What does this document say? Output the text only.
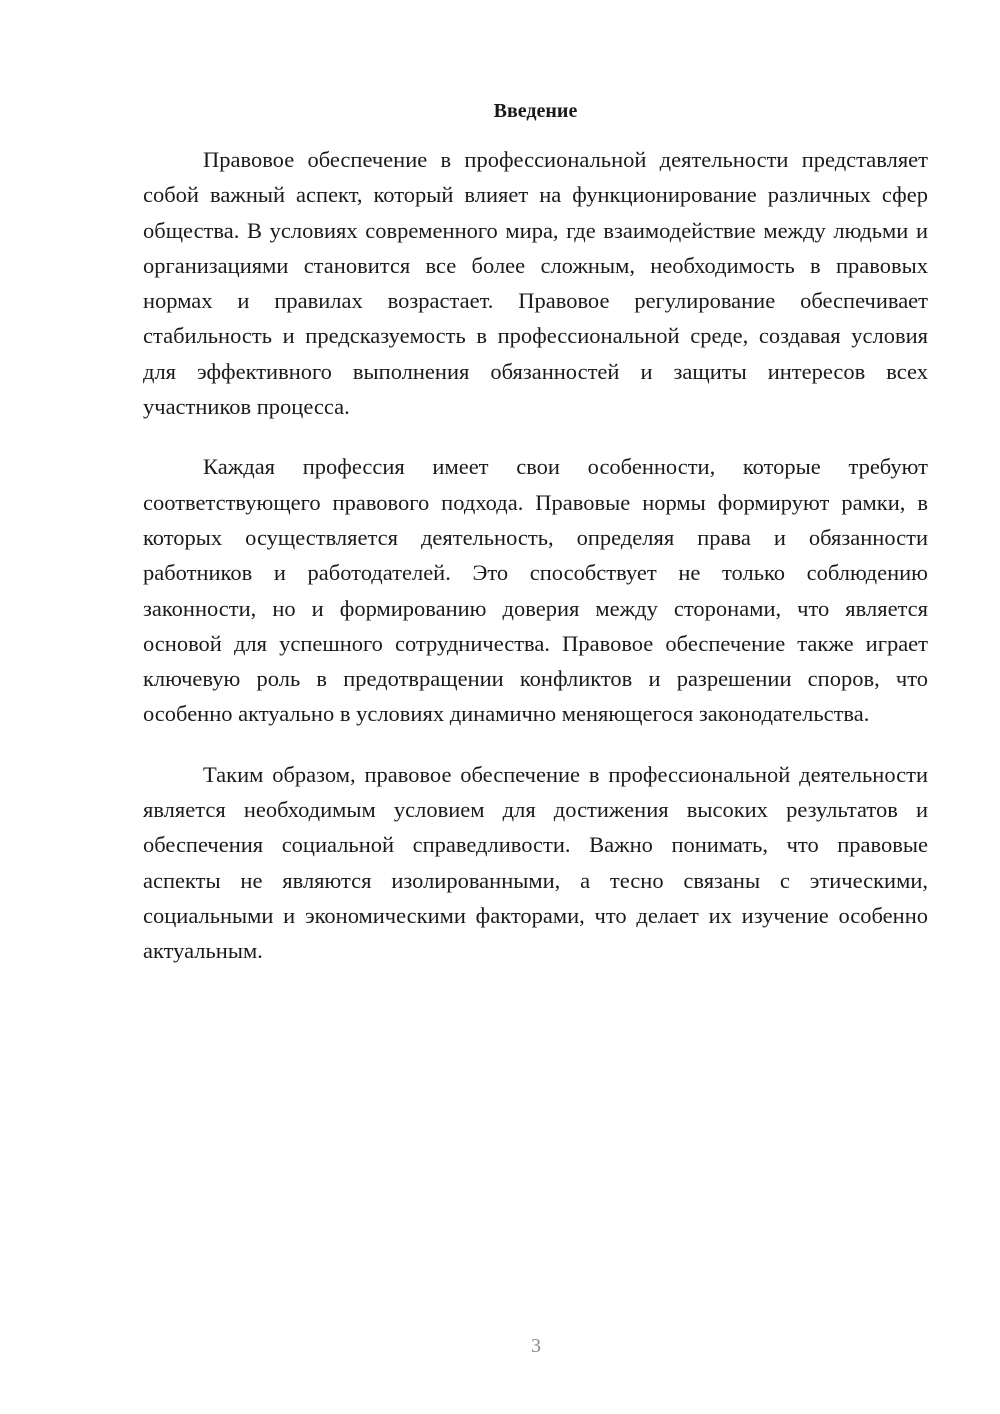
Введение

Правовое обеспечение в профессиональной деятельности представляет собой важный аспект, который влияет на функционирование различных сфер общества. В условиях современного мира, где взаимодействие между людьми и организациями становится все более сложным, необходимость в правовых нормах и правилах возрастает. Правовое регулирование обеспечивает стабильность и предсказуемость в профессиональной среде, создавая условия для эффективного выполнения обязанностей и защиты интересов всех участников процесса.

Каждая профессия имеет свои особенности, которые требуют соответствующего правового подхода. Правовые нормы формируют рамки, в которых осуществляется деятельность, определяя права и обязанности работников и работодателей. Это способствует не только соблюдению законности, но и формированию доверия между сторонами, что является основой для успешного сотрудничества. Правовое обеспечение также играет ключевую роль в предотвращении конфликтов и разрешении споров, что особенно актуально в условиях динамично меняющегося законодательства.

Таким образом, правовое обеспечение в профессиональной деятельности является необходимым условием для достижения высоких результатов и обеспечения социальной справедливости. Важно понимать, что правовые аспекты не являются изолированными, а тесно связаны с этическими, социальными и экономическими факторами, что делает их изучение особенно актуальным.

3
